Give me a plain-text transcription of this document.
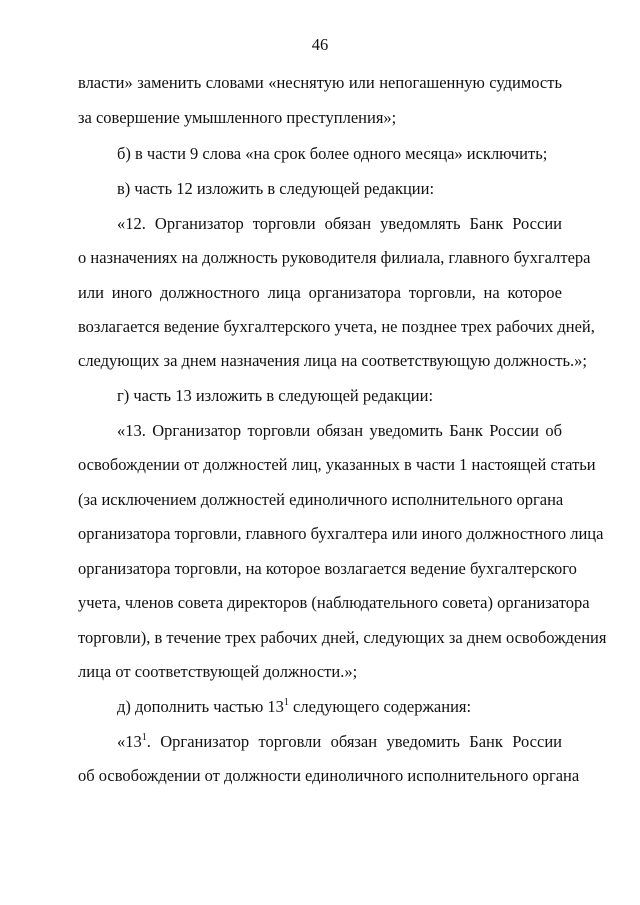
46
власти» заменить словами «неснятую или непогашенную судимость
за совершение умышленного преступления»;
б) в части 9 слова «на срок более одного месяца» исключить;
в) часть 12 изложить в следующей редакции:
«12. Организатор торговли обязан уведомлять Банк России
о назначениях на должность руководителя филиала, главного бухгалтера
или иного должностного лица организатора торговли, на которое
возлагается ведение бухгалтерского учета, не позднее трех рабочих дней,
следующих за днем назначения лица на соответствующую должность.»;
г) часть 13 изложить в следующей редакции:
«13. Организатор торговли обязан уведомить Банк России об
освобождении от должностей лиц, указанных в части 1 настоящей статьи
(за исключением должностей единоличного исполнительного органа
организатора торговли, главного бухгалтера или иного должностного лица
организатора торговли, на которое возлагается ведение бухгалтерского
учета, членов совета директоров (наблюдательного совета) организатора
торговли), в течение трех рабочих дней, следующих за днем освобождения
лица от соответствующей должности.»;
д) дополнить частью $13^1$ следующего содержания:
«$13^1$. Организатор торговли обязан уведомить Банк России
об освобождении от должности единоличного исполнительного органа
